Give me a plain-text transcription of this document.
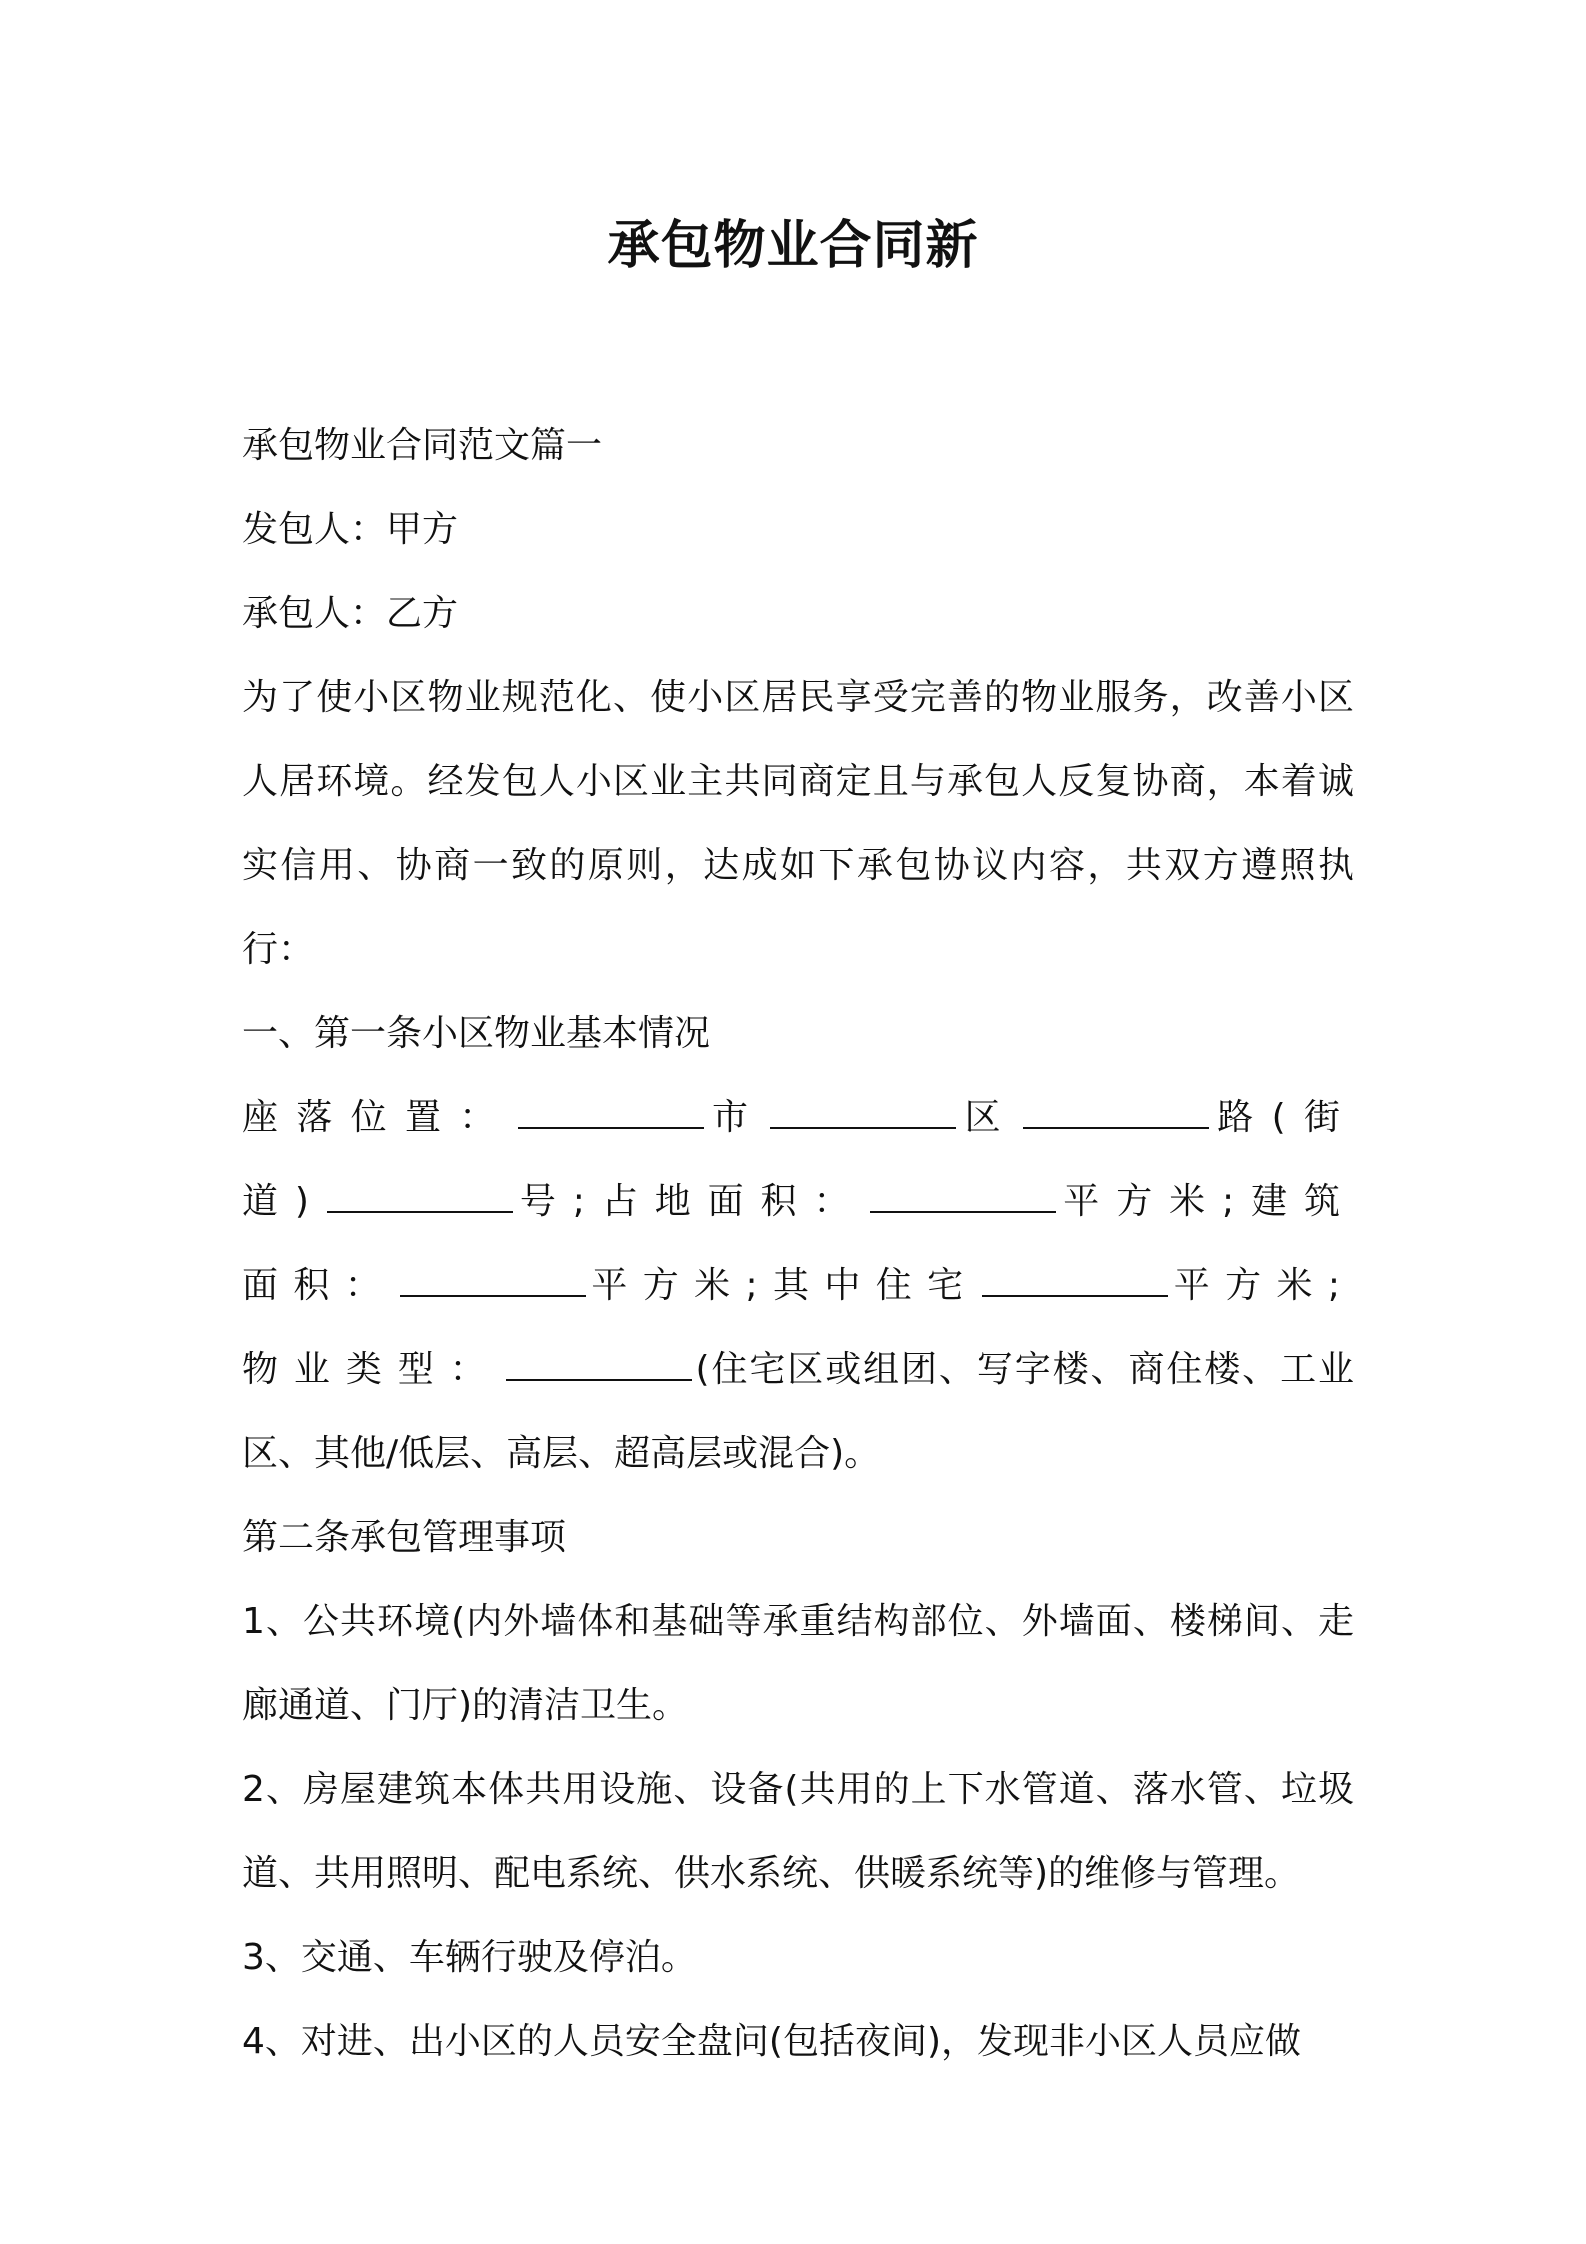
承包物业合同新

承包物业合同范文篇一

发包人：甲方

承包人：乙方

为了使小区物业规范化、使小区居民享受完善的物业服务，改善小区人居环境。经发包人小区业主共同商定且与承包人反复协商，本着诚实信用、协商一致的原则，达成如下承包协议内容，共双方遵照执行：

一、第一条小区物业基本情况

座落位置：	市	区	路(街道)	号;占地面积：	平方米;建筑面积：	平方米;其中住宅	平方米;物业类型：	(住宅区或组团、写字楼、商住楼、工业区、其他/低层、高层、超高层或混合)。

第二条承包管理事项

1、公共环境(内外墙体和基础等承重结构部位、外墙面、楼梯间、走廊通道、门厅)的清洁卫生。

2、房屋建筑本体共用设施、设备(共用的上下水管道、落水管、垃圾道、共用照明、配电系统、供水系统、供暖系统等)的维修与管理。

3、交通、车辆行驶及停泊。

4、对进、出小区的人员安全盘问(包括夜间)，发现非小区人员应做
